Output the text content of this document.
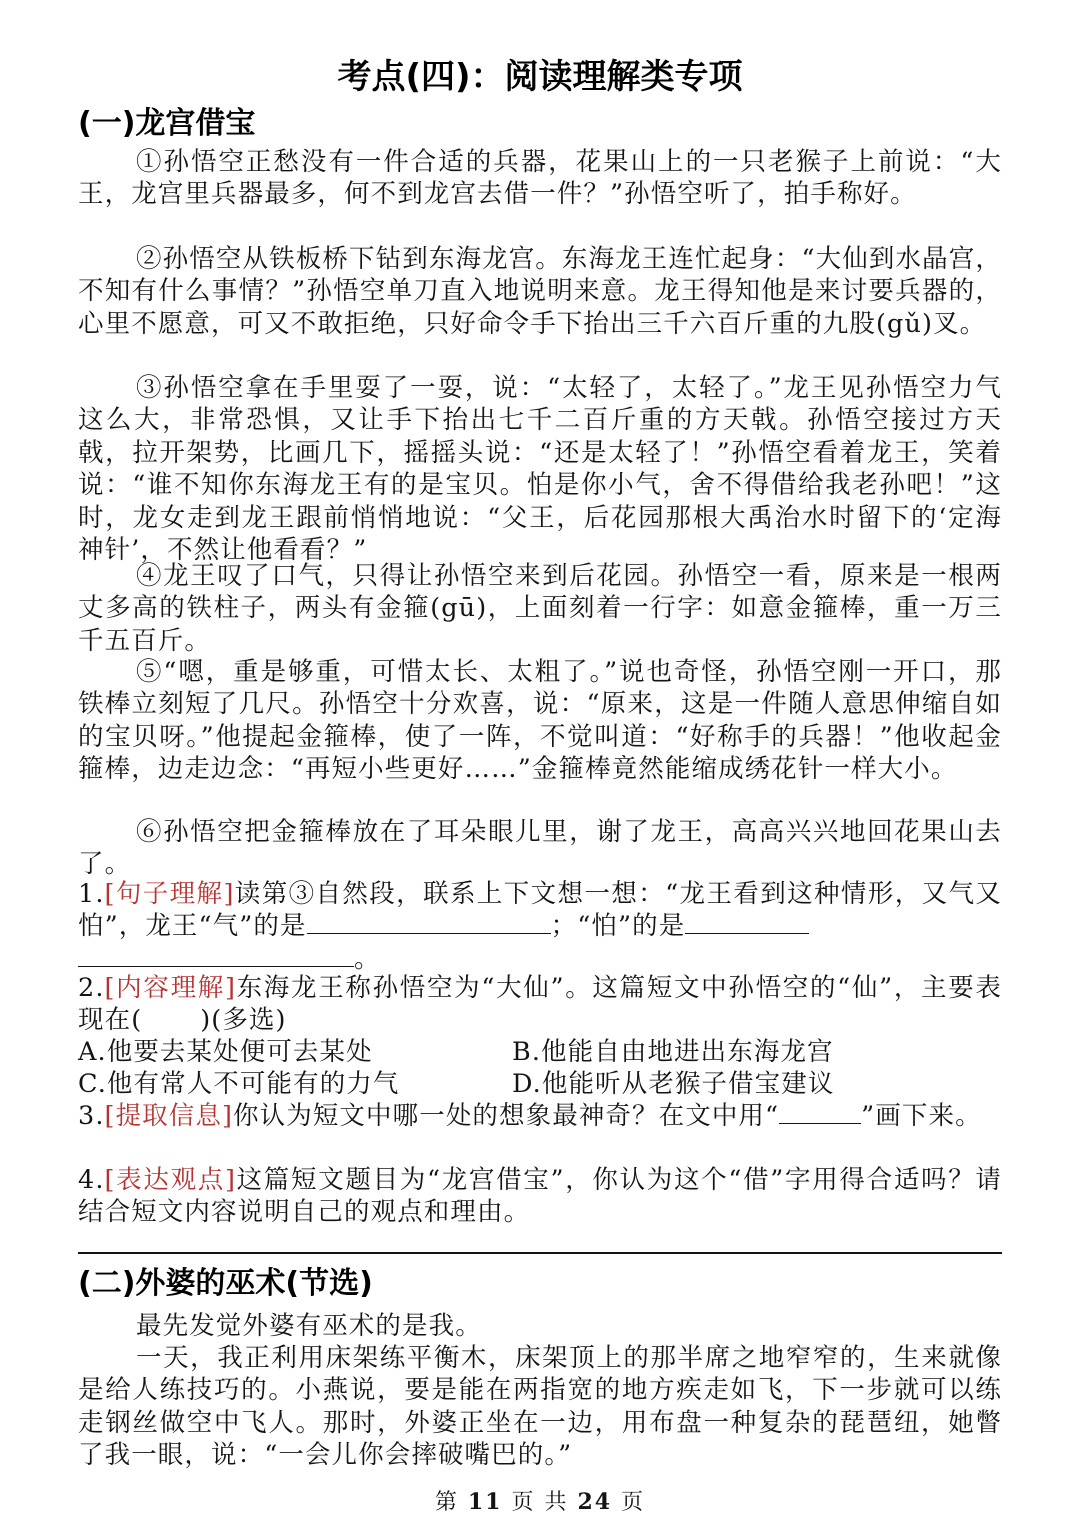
考点(四)：阅读理解类专项
(一)龙宫借宝

①孙悟空正愁没有一件合适的兵器，花果山上的一只老猴子上前说：“大王，龙宫里兵器最多，何不到龙宫去借一件？”孙悟空听了，拍手称好。

②孙悟空从铁板桥下钻到东海龙宫。东海龙王连忙起身：“大仙到水晶宫，不知有什么事情？”孙悟空单刀直入地说明来意。龙王得知他是来讨要兵器的，心里不愿意，可又不敢拒绝，只好命令手下抬出三千六百斤重的九股(gǔ)叉。

③孙悟空拿在手里耍了一耍，说：“太轻了，太轻了。”龙王见孙悟空力气这么大，非常恐惧，又让手下抬出七千二百斤重的方天戟。孙悟空接过方天戟，拉开架势，比画几下，摇摇头说：“还是太轻了！”孙悟空看着龙王，笑着说：“谁不知你东海龙王有的是宝贝。怕是你小气，舍不得借给我老孙吧！”这时，龙女走到龙王跟前悄悄地说：“父王，后花园那根大禹治水时留下的‘定海神针’，不然让他看看？”

④龙王叹了口气，只得让孙悟空来到后花园。孙悟空一看，原来是一根两丈多高的铁柱子，两头有金箍(gū)，上面刻着一行字：如意金箍棒，重一万三千五百斤。

⑤“嗯，重是够重，可惜太长、太粗了。”说也奇怪，孙悟空刚一开口，那铁棒立刻短了几尺。孙悟空十分欢喜，说：“原来，这是一件随人意思伸缩自如的宝贝呀。”他提起金箍棒，使了一阵，不觉叫道：“好称手的兵器！”他收起金箍棒，边走边念：“再短小些更好……”金箍棒竟然能缩成绣花针一样大小。

⑥孙悟空把金箍棒放在了耳朵眼儿里，谢了龙王，高高兴兴地回花果山去了。

1.[句子理解]读第③自然段，联系上下文想一想：“龙王看到这种情形，又气又怕”，龙王“气”的是	；“怕”的是
。

2.[内容理解]东海龙王称孙悟空为“大仙”。这篇短文中孙悟空的“仙”，主要表现在( )(多选)

A.他要去某处便可去某处	B.他能自由地进出东海龙宫
C.他有常人不可能有的力气	D.他能听从老猴子借宝建议

3.[提取信息]你认为短文中哪一处的想象最神奇？在文中用“	”画下来。

4.[表达观点]这篇短文题目为“龙宫借宝”，你认为这个“借”字用得合适吗？请结合短文内容说明自己的观点和理由。

(二)外婆的巫术(节选)

最先发觉外婆有巫术的是我。

一天，我正利用床架练平衡木，床架顶上的那半席之地窄窄的，生来就像是给人练技巧的。小燕说，要是能在两指宽的地方疾走如飞，下一步就可以练走钢丝做空中飞人。那时，外婆正坐在一边，用布盘一种复杂的琵琶纽，她瞥了我一眼，说：“一会儿你会摔破嘴巴的。”

第 11 页 共 24 页
